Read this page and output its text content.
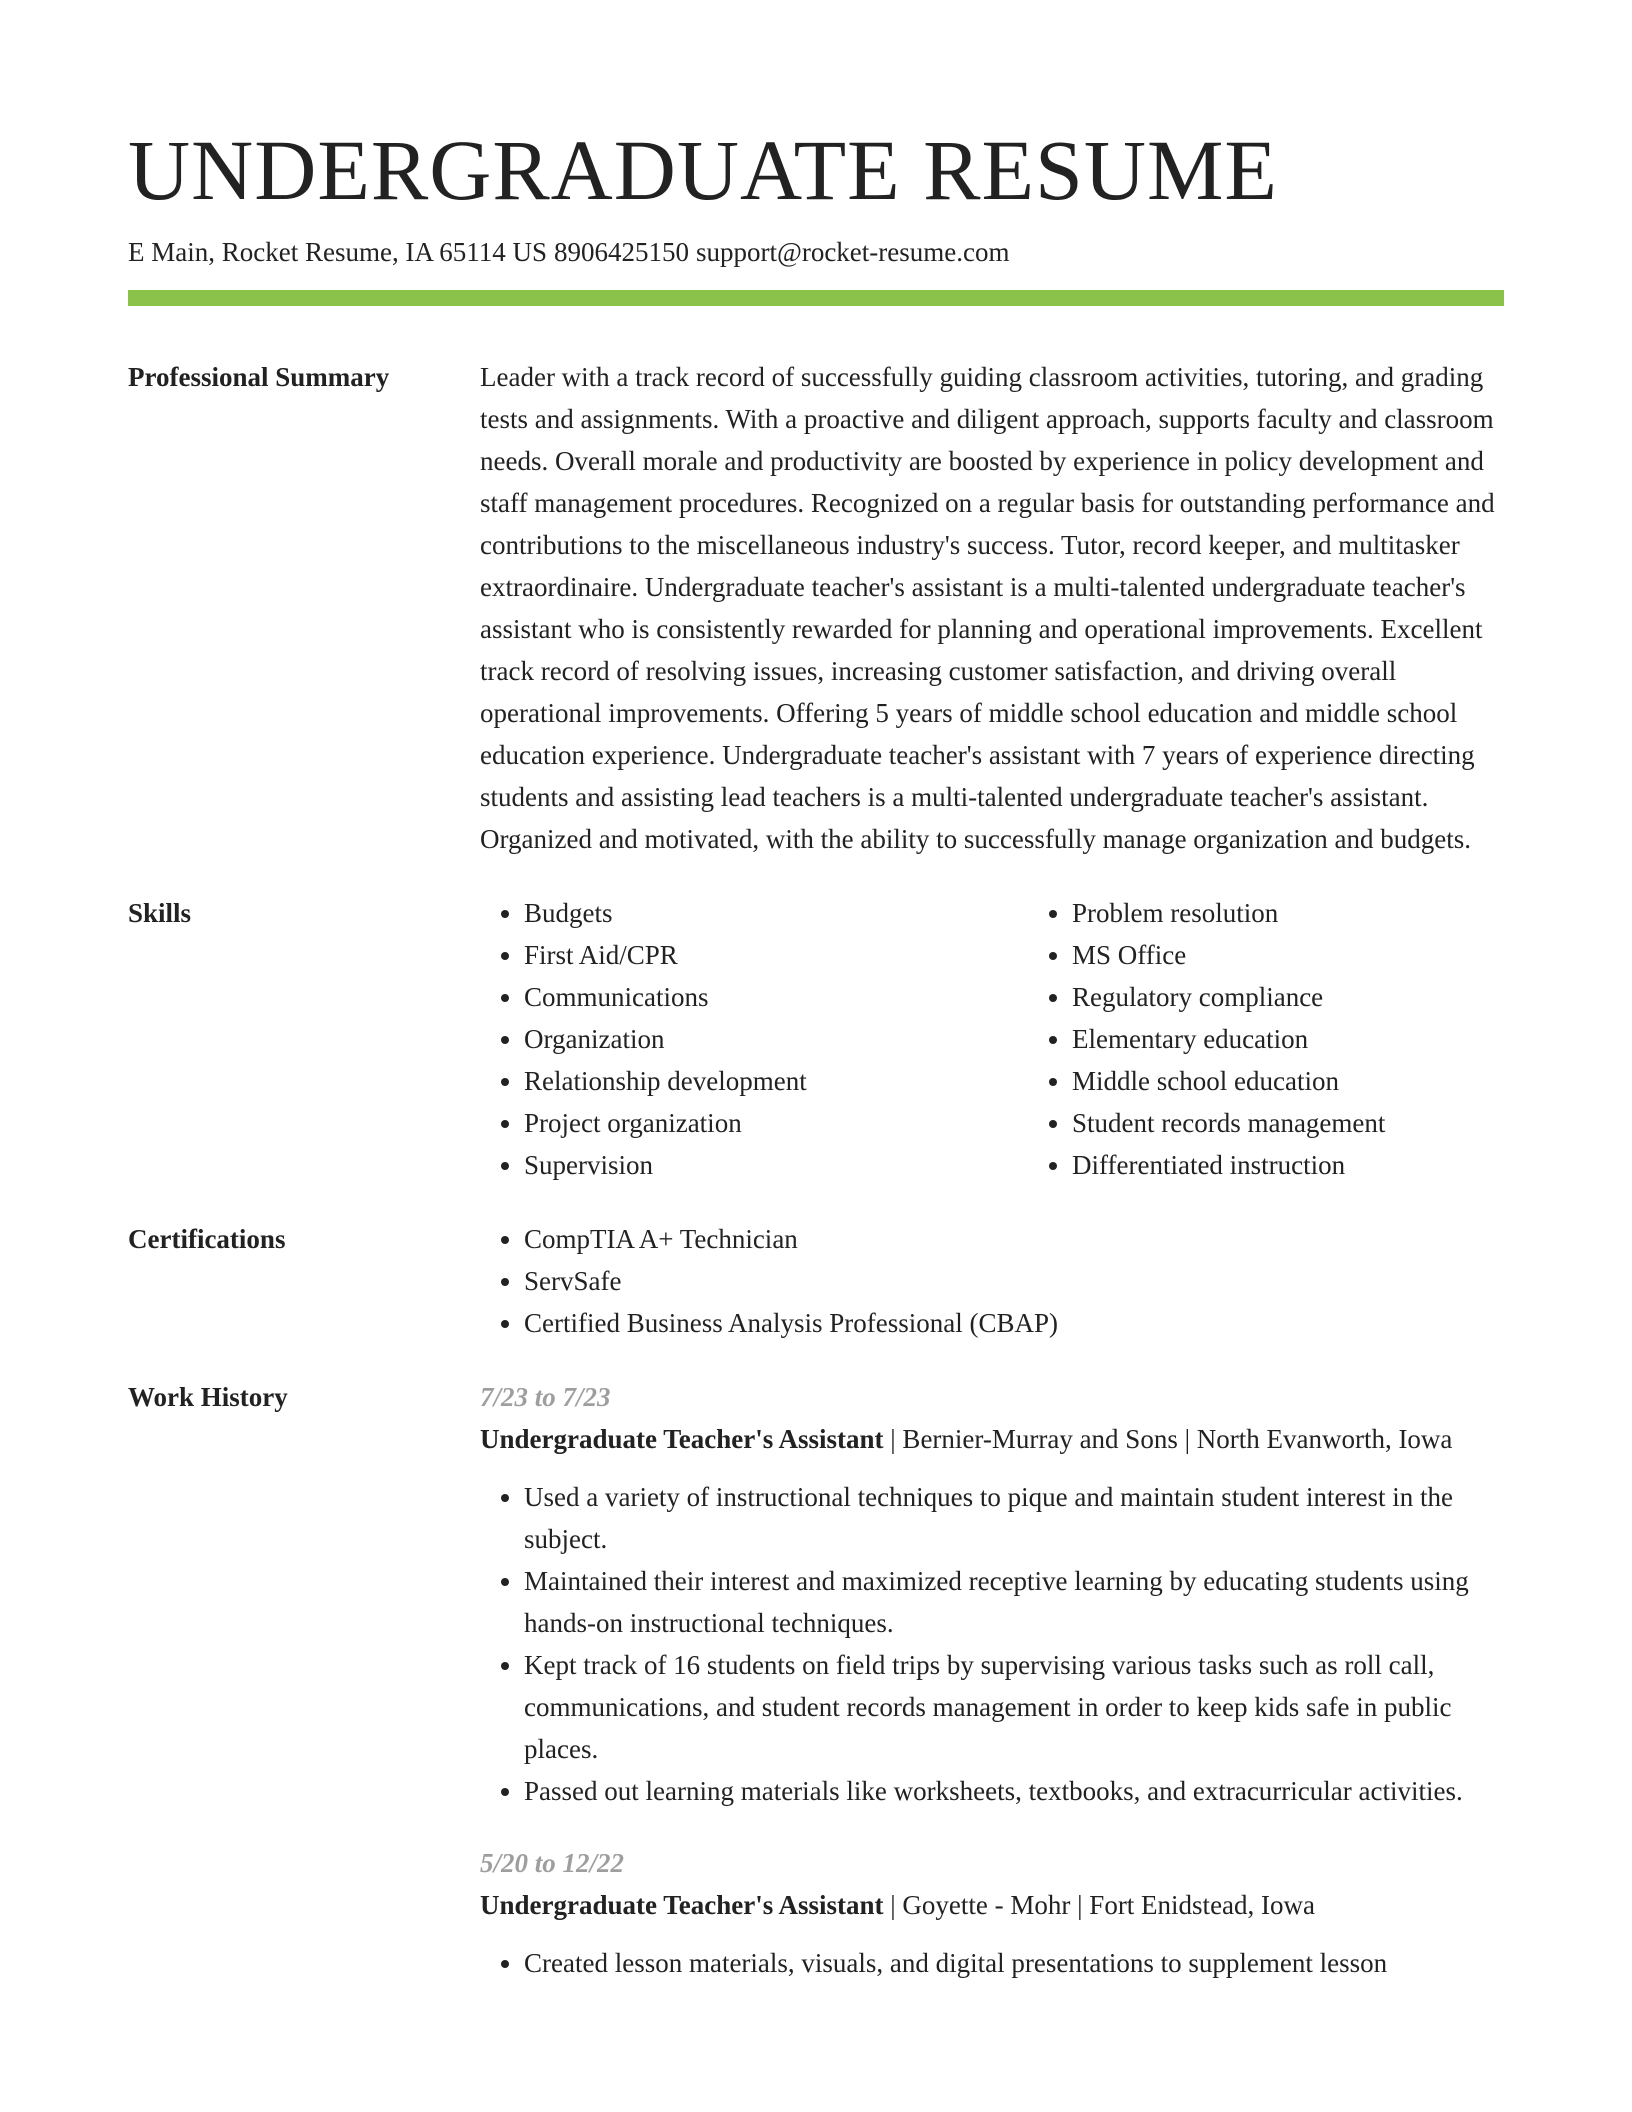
UNDERGRADUATE RESUME
E Main, Rocket Resume, IA 65114 US 8906425150 support@rocket-resume.com
Professional Summary	Leader with a track record of successfully guiding classroom activities, tutoring, and grading tests and assignments. With a proactive and diligent approach, supports faculty and classroom needs. Overall morale and productivity are boosted by experience in policy development and staff management procedures. Recognized on a regular basis for outstanding performance and contributions to the miscellaneous industry's success. Tutor, record keeper, and multitasker extraordinaire. Undergraduate teacher's assistant is a multi-talented undergraduate teacher's assistant who is consistently rewarded for planning and operational improvements. Excellent track record of resolving issues, increasing customer satisfaction, and driving overall operational improvements. Offering 5 years of middle school education and middle school education experience. Undergraduate teacher's assistant with 7 years of experience directing students and assisting lead teachers is a multi-talented undergraduate teacher's assistant. Organized and motivated, with the ability to successfully manage organization and budgets.

Skills	• Budgets
• First Aid/CPR
• Communications
• Organization
• Relationship development
• Project organization
• Supervision
• Problem resolution
• MS Office
• Regulatory compliance
• Elementary education
• Middle school education
• Student records management
• Differentiated instruction
Certifications	• CompTIA A+ Technician
• ServSafe
• Certified Business Analysis Professional (CBAP)
Work History	7/23 to 7/23
Undergraduate Teacher's Assistant | Bernier-Murray and Sons | North Evanworth, Iowa
• Used a variety of instructional techniques to pique and maintain student interest in the subject.
• Maintained their interest and maximized receptive learning by educating students using hands-on instructional techniques.
• Kept track of 16 students on field trips by supervising various tasks such as roll call, communications, and student records management in order to keep kids safe in public places.
• Passed out learning materials like worksheets, textbooks, and extracurricular activities.
5/20 to 12/22
Undergraduate Teacher's Assistant | Goyette - Mohr | Fort Enidstead, Iowa
• Created lesson materials, visuals, and digital presentations to supplement lesson
